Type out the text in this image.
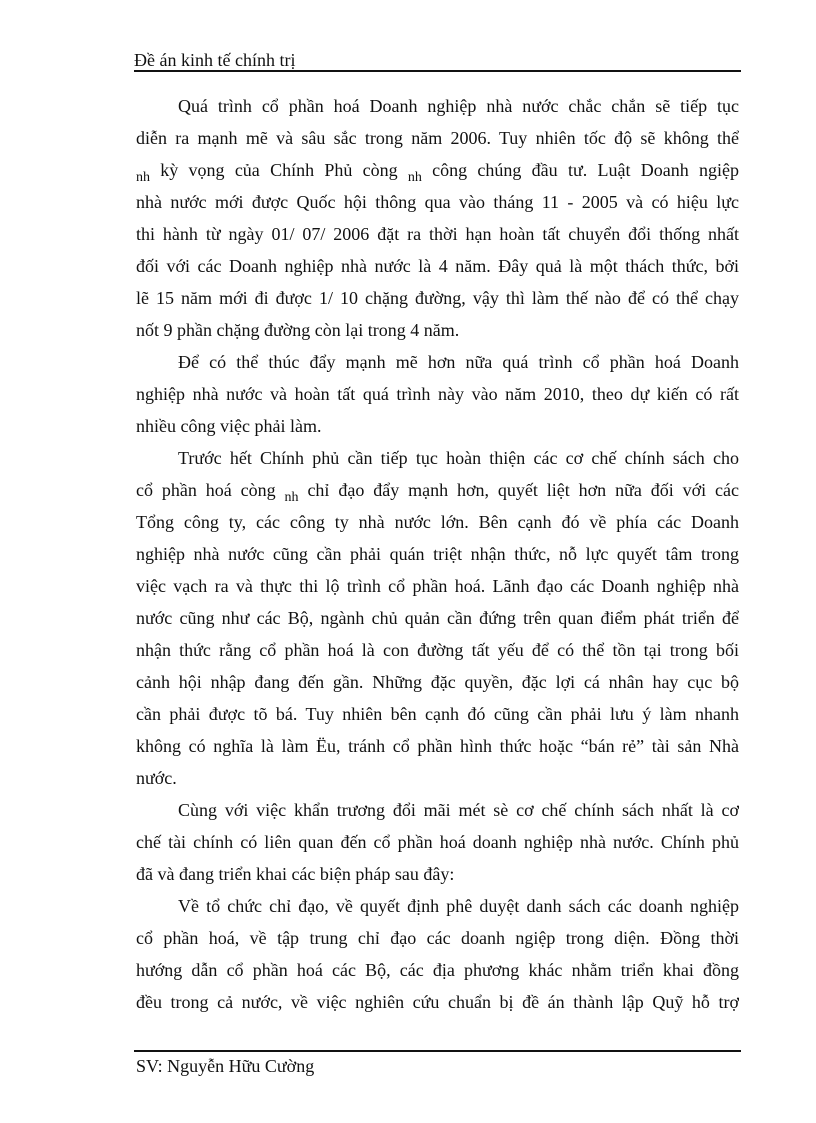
Đề án kinh tế chính trị
Quá trình cổ phần hoá Doanh nghiệp nhà nước chắc chắn sẽ tiếp tục
diễn ra mạnh mẽ và sâu sắc trong năm 2006. Tuy nhiên tốc độ sẽ không thể
$_{nh}$ kỳ vọng của Chính Phủ còng $_{nh}$ công chúng đầu tư. Luật Doanh ngiệp
nhà nước mới được Quốc hội thông qua vào tháng 11 - 2005 và có hiệu lực
thi hành từ ngày 01/ 07/ 2006 đặt ra thời hạn hoàn tất chuyển đổi thống nhất
đối với các Doanh nghiệp nhà nước là 4 năm. Đây quả là một thách thức, bởi
lẽ 15 năm mới đi được 1/ 10 chặng đường, vậy thì làm thế nào để có thể chạy
nốt 9 phần chặng đường còn lại trong 4 năm.
Để có thể thúc đẩy mạnh mẽ hơn nữa quá trình cổ phần hoá Doanh
nghiệp nhà nước và hoàn tất quá trình này vào năm 2010, theo dự kiến có rất
nhiều công việc phải làm.
Trước hết Chính phủ cần tiếp tục hoàn thiện các cơ chế chính sách cho
cổ phần hoá còng $_{nh}$ chỉ đạo đẩy mạnh hơn, quyết liệt hơn nữa đối với các
Tổng công ty, các công ty nhà nước lớn. Bên cạnh đó về phía các Doanh
nghiệp nhà nước cũng cần phải quán triệt nhận thức, nỗ lực quyết tâm trong
việc vạch ra và thực thi lộ trình cổ phần hoá. Lãnh đạo các Doanh nghiệp nhà
nước cũng như các Bộ, ngành chủ quản cần đứng trên quan điểm phát triển để
nhận thức rằng cổ phần hoá là con đường tất yếu để có thể tồn tại trong bối
cảnh hội nhập đang đến gần. Những đặc quyền, đặc lợi cá nhân hay cục bộ
cần phải được tõ bá. Tuy nhiên bên cạnh đó cũng cần phải lưu ý làm nhanh
không có nghĩa là làm Ëu, tránh cổ phần hình thức hoặc “bán rẻ” tài sản Nhà
nước.
Cùng với việc khẩn trương đổi mãi mét sè cơ chế chính sách nhất là cơ
chế tài chính có liên quan đến cổ phần hoá doanh nghiệp nhà nước. Chính phủ
đã và đang triển khai các biện pháp sau đây:
Về tổ chức chỉ đạo, về quyết định phê duyệt danh sách các doanh nghiệp
cổ phần hoá, về tập trung chỉ đạo các doanh ngiệp trong diện. Đồng thời
hướng dẫn cổ phần hoá các Bộ, các địa phương khác nhằm triển khai đồng
đều trong cả nước, về việc nghiên cứu chuẩn bị đề án thành lập Quỹ hỗ trợ
SV: Nguyễn Hữu Cường
